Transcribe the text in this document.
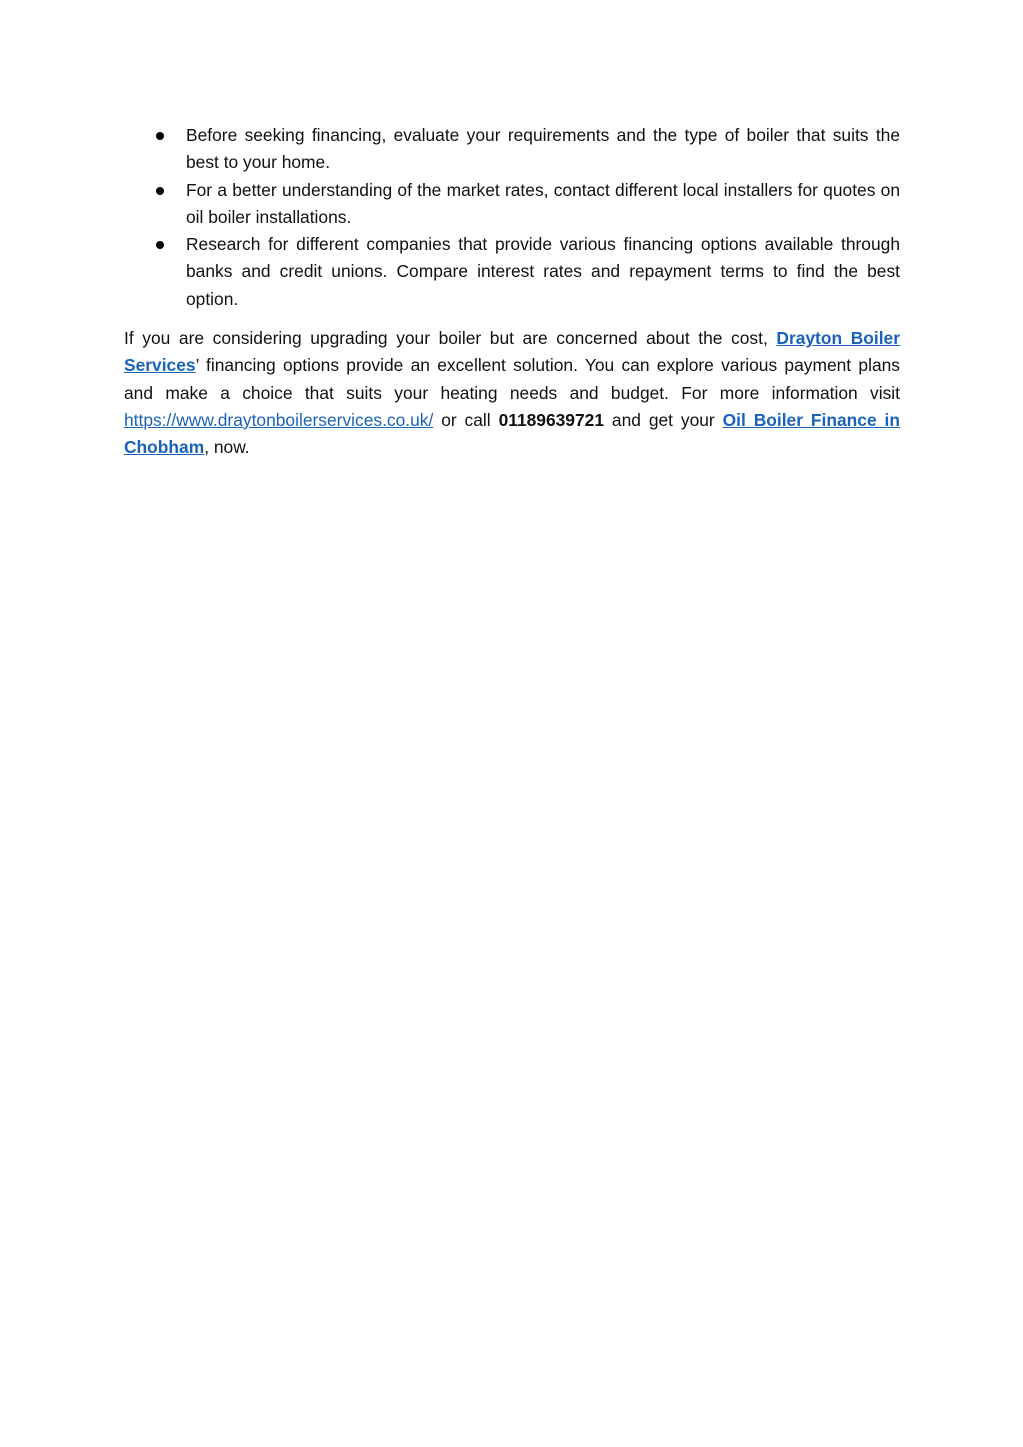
Before seeking financing, evaluate your requirements and the type of boiler that suits the best to your home.
For a better understanding of the market rates, contact different local installers for quotes on oil boiler installations.
Research for different companies that provide various financing options available through banks and credit unions. Compare interest rates and repayment terms to find the best option.

If you are considering upgrading your boiler but are concerned about the cost, Drayton Boiler Services’ financing options provide an excellent solution. You can explore various payment plans and make a choice that suits your heating needs and budget. For more information visit https://www.draytonboilerservices.co.uk/ or call 01189639721 and get your Oil Boiler Finance in Chobham, now.
